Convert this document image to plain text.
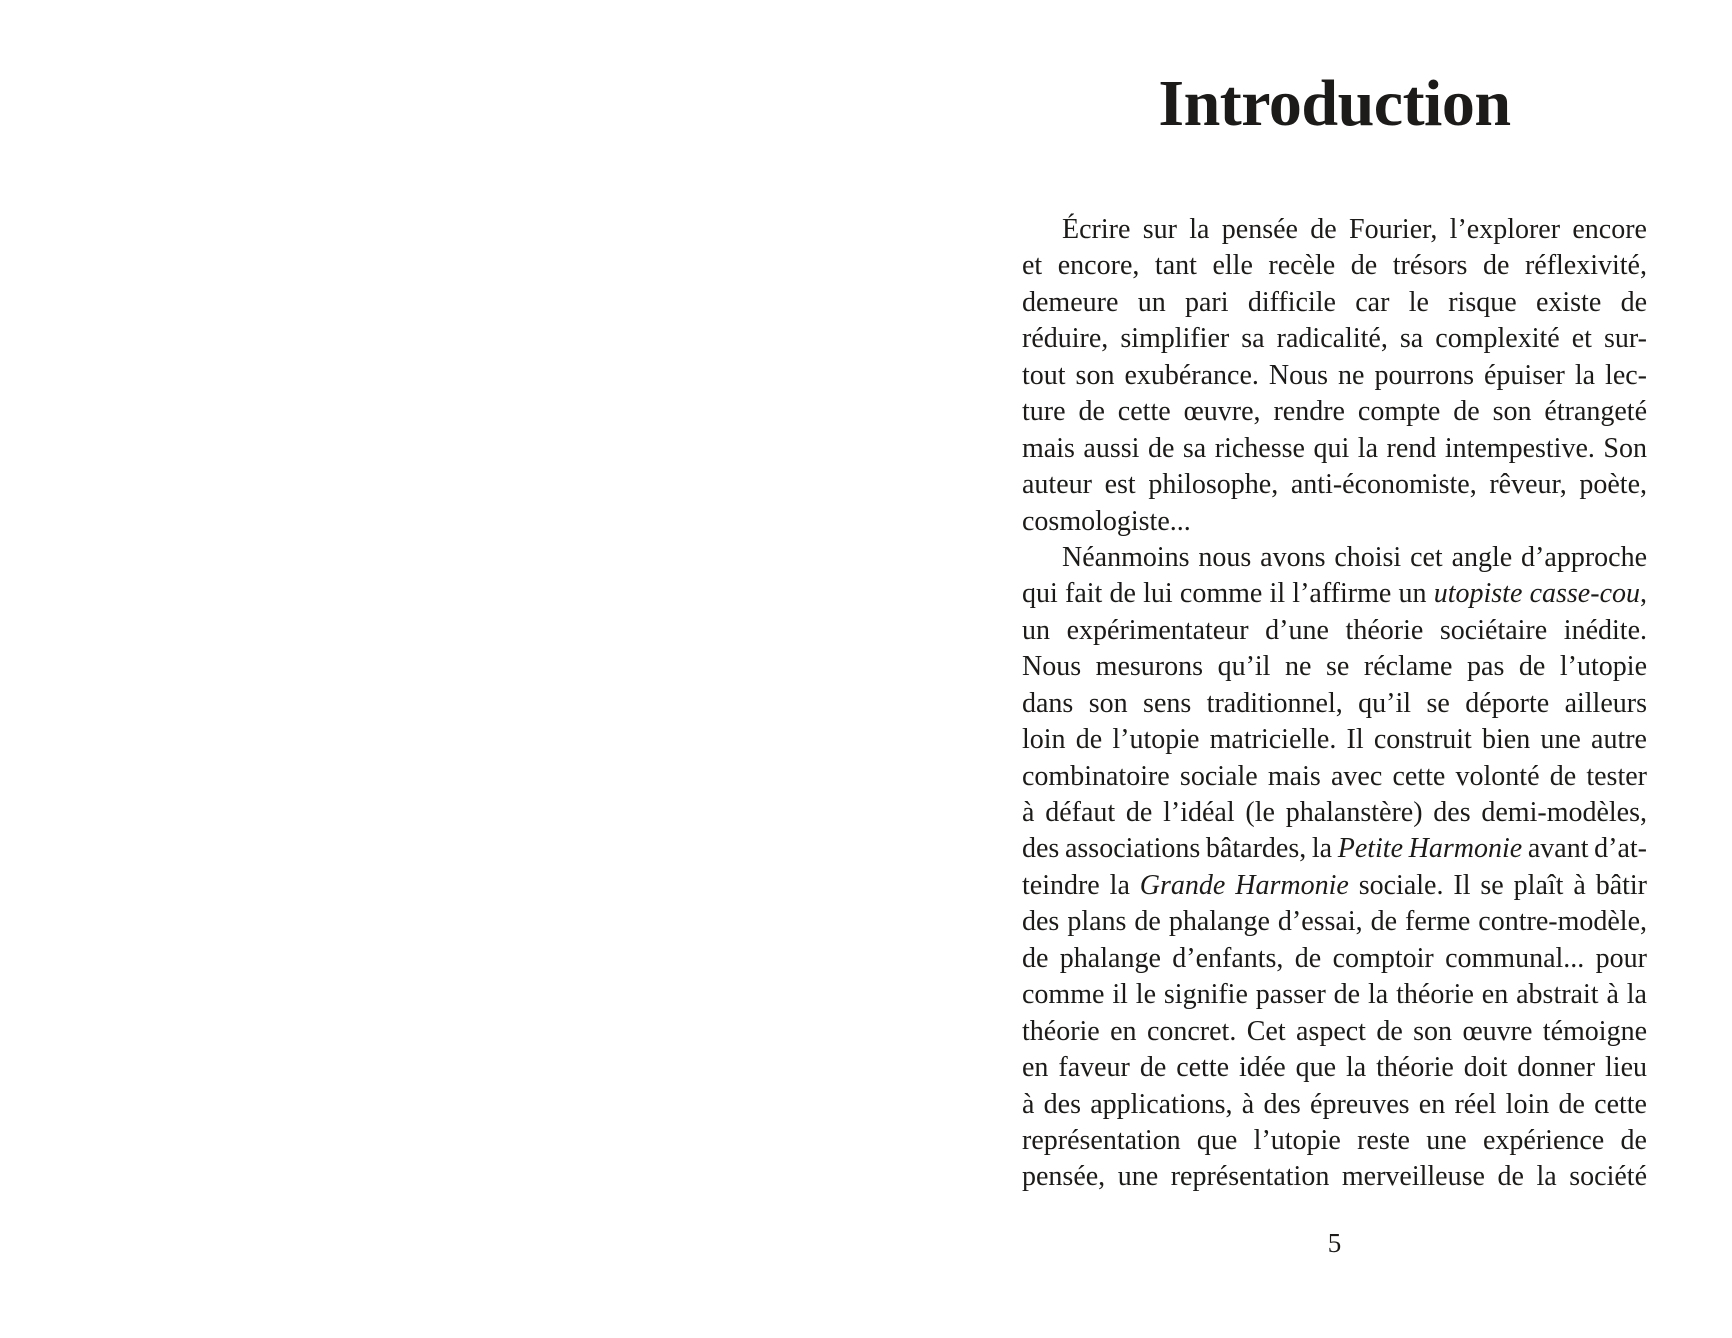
Introduction
Écrire sur la pensée de Fourier, l’explorer encore
et encore, tant elle recèle de trésors de réflexivité,
demeure un pari difficile car le risque existe de
réduire, simplifier sa radicalité, sa complexité et sur-
tout son exubérance. Nous ne pourrons épuiser la lec-
ture de cette œuvre, rendre compte de son étrangeté
mais aussi de sa richesse qui la rend intempestive. Son
auteur est philosophe, anti-économiste, rêveur, poète,
cosmologiste...
Néanmoins nous avons choisi cet angle d’approche
qui fait de lui comme il l’affirme un utopiste casse-cou,
un expérimentateur d’une théorie sociétaire inédite.
Nous mesurons qu’il ne se réclame pas de l’utopie
dans son sens traditionnel, qu’il se déporte ailleurs
loin de l’utopie matricielle. Il construit bien une autre
combinatoire sociale mais avec cette volonté de tester
à défaut de l’idéal (le phalanstère) des demi-modèles,
des associations bâtardes, la Petite Harmonie avant d’at-
teindre la Grande Harmonie sociale. Il se plaît à bâtir
des plans de phalange d’essai, de ferme contre-modèle,
de phalange d’enfants, de comptoir communal... pour
comme il le signifie passer de la théorie en abstrait à la
théorie en concret. Cet aspect de son œuvre témoigne
en faveur de cette idée que la théorie doit donner lieu
à des applications, à des épreuves en réel loin de cette
représentation que l’utopie reste une expérience de
pensée, une représentation merveilleuse de la société
5
